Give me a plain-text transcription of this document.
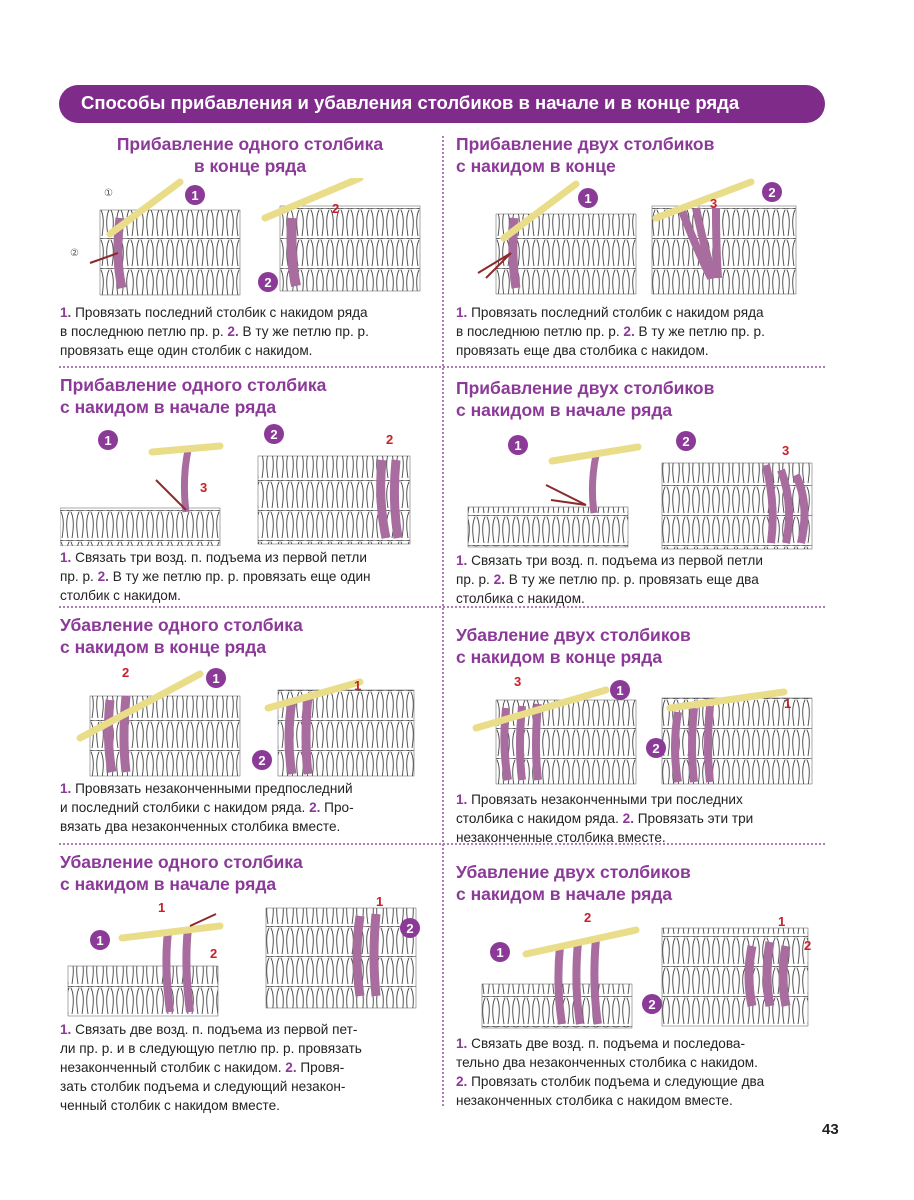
Способы прибавления и убавления столбиков в начале и в конце ряда
Прибавление одного столбика
в конце ряда
1
2
2
①
②
1. Провязать последний столбик с накидом ряда
в последнюю петлю пр. р. 2. В ту же петлю пр. р.
провязать еще один столбик с накидом.
Прибавление двух столбиков
с накидом в конце
1	2
3
1. Провязать последний столбик с накидом ряда
в последнюю петлю пр. р. 2. В ту же петлю пр. р.
провязать еще два столбика с накидом.
Прибавление одного столбика
с накидом в начале ряда
1	2
3
2
1. Связать три возд. п. подъема из первой петли
пр. р. 2. В ту же петлю пр. р. провязать еще один
столбик с накидом.
Прибавление двух столбиков
с накидом в начале ряда
1	2
3
1. Связать три возд. п. подъема из первой петли
пр. р. 2. В ту же петлю пр. р. провязать еще два
столбика с накидом.
Убавление одного столбика
с накидом в конце ряда
1
2
2
1
1. Провязать незаконченными предпоследний
и последний столбики с накидом ряда. 2. Про-
вязать два незаконченных столбика вместе.
Убавление двух столбиков
с накидом в конце ряда
1
2
3
1
1. Провязать незаконченными три последних
столбика с накидом ряда. 2. Провязать эти три
незаконченные столбика вместе.
Убавление одного столбика
с накидом в начале ряда
1
2
1
2
1
1. Связать две возд. п. подъема из первой пет-
ли пр. р. и в следующую петлю пр. р. провязать
незаконченный столбик с накидом. 2. Провя-
зать столбик подъема и следующий незакон-
ченный столбик с накидом вместе.
Убавление двух столбиков
с накидом в начале ряда
1
2
2	1
2
1. Связать две возд. п. подъема и последова-
тельно два незаконченных столбика с накидом.
2. Провязать столбик подъема и следующие два
незаконченных столбика с накидом вместе.
43
